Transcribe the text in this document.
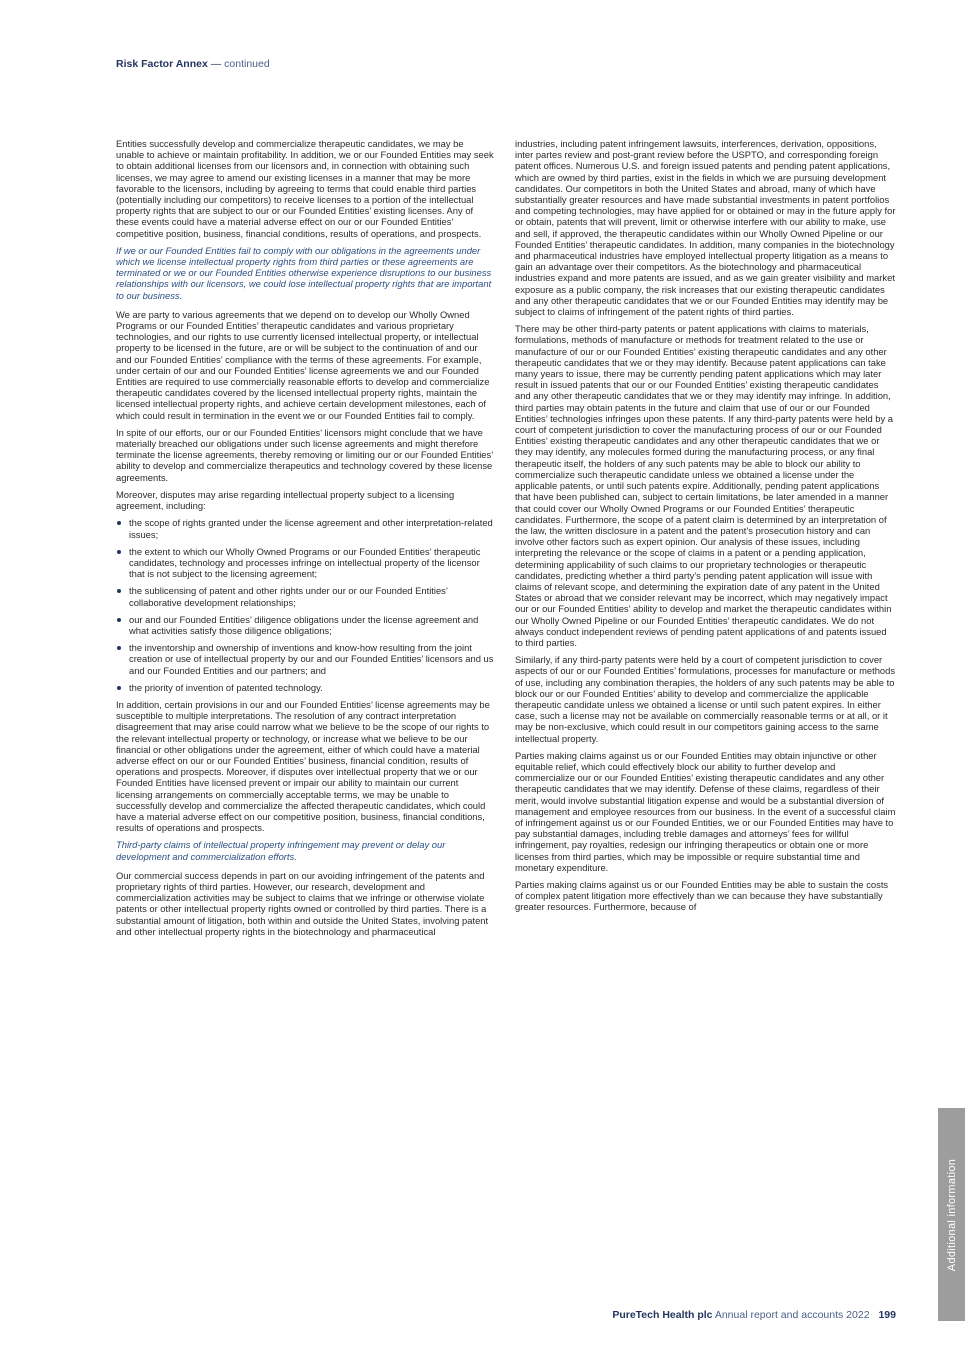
Risk Factor Annex — continued

Entities successfully develop and commercialize therapeutic candidates, we may be unable to achieve or maintain profitability. In addition, we or our Founded Entities may seek to obtain additional licenses from our licensors and, in connection with obtaining such licenses, we may agree to amend our existing licenses in a manner that may be more favorable to the licensors, including by agreeing to terms that could enable third parties (potentially including our competitors) to receive licenses to a portion of the intellectual property rights that are subject to our or our Founded Entities’ existing licenses. Any of these events could have a material adverse effect on our or our Founded Entities’ competitive position, business, financial conditions, results of operations, and prospects.

If we or our Founded Entities fail to comply with our obligations in the agreements under which we license intellectual property rights from third parties or these agreements are terminated or we or our Founded Entities otherwise experience disruptions to our business relationships with our licensors, we could lose intellectual property rights that are important to our business.

We are party to various agreements that we depend on to develop our Wholly Owned Programs or our Founded Entities’ therapeutic candidates and various proprietary technologies, and our rights to use currently licensed intellectual property, or intellectual property to be licensed in the future, are or will be subject to the continuation of and our and our Founded Entities’ compliance with the terms of these agreements. For example, under certain of our and our Founded Entities’ license agreements we and our Founded Entities are required to use commercially reasonable efforts to develop and commercialize therapeutic candidates covered by the licensed intellectual property rights, maintain the licensed intellectual property rights, and achieve certain development milestones, each of which could result in termination in the event we or our Founded Entities fail to comply.

In spite of our efforts, our or our Founded Entities’ licensors might conclude that we have materially breached our obligations under such license agreements and might therefore terminate the license agreements, thereby removing or limiting our or our Founded Entities’ ability to develop and commercialize therapeutics and technology covered by these license agreements.

Moreover, disputes may arise regarding intellectual property subject to a licensing agreement, including:

the scope of rights granted under the license agreement and other interpretation-related issues;
the extent to which our Wholly Owned Programs or our Founded Entities’ therapeutic candidates, technology and processes infringe on intellectual property of the licensor that is not subject to the licensing agreement;
the sublicensing of patent and other rights under our or our Founded Entities’ collaborative development relationships;
our and our Founded Entities’ diligence obligations under the license agreement and what activities satisfy those diligence obligations;
the inventorship and ownership of inventions and know-how resulting from the joint creation or use of intellectual property by our and our Founded Entities’ licensors and us and our Founded Entities and our partners; and
the priority of invention of patented technology.

In addition, certain provisions in our and our Founded Entities’ license agreements may be susceptible to multiple interpretations. The resolution of any contract interpretation disagreement that may arise could narrow what we believe to be the scope of our rights to the relevant intellectual property or technology, or increase what we believe to be our financial or other obligations under the agreement, either of which could have a material adverse effect on our or our Founded Entities’ business, financial condition, results of operations and prospects. Moreover, if disputes over intellectual property that we or our Founded Entities have licensed prevent or impair our ability to maintain our current licensing arrangements on commercially acceptable terms, we may be unable to successfully develop and commercialize the affected therapeutic candidates, which could have a material adverse effect on our competitive position, business, financial conditions, results of operations and prospects.

Third-party claims of intellectual property infringement may prevent or delay our development and commercialization efforts.

Our commercial success depends in part on our avoiding infringement of the patents and proprietary rights of third parties. However, our research, development and commercialization activities may be subject to claims that we infringe or otherwise violate patents or other intellectual property rights owned or controlled by third parties. There is a substantial amount of litigation, both within and outside the United States, involving patent and other intellectual property rights in the biotechnology and pharmaceutical

industries, including patent infringement lawsuits, interferences, derivation, oppositions, inter partes review and post-grant review before the USPTO, and corresponding foreign patent offices. Numerous U.S. and foreign issued patents and pending patent applications, which are owned by third parties, exist in the fields in which we are pursuing development candidates. Our competitors in both the United States and abroad, many of which have substantially greater resources and have made substantial investments in patent portfolios and competing technologies, may have applied for or obtained or may in the future apply for or obtain, patents that will prevent, limit or otherwise interfere with our ability to make, use and sell, if approved, the therapeutic candidates within our Wholly Owned Pipeline or our Founded Entities’ therapeutic candidates. In addition, many companies in the biotechnology and pharmaceutical industries have employed intellectual property litigation as a means to gain an advantage over their competitors. As the biotechnology and pharmaceutical industries expand and more patents are issued, and as we gain greater visibility and market exposure as a public company, the risk increases that our existing therapeutic candidates and any other therapeutic candidates that we or our Founded Entities may identify may be subject to claims of infringement of the patent rights of third parties.

There may be other third-party patents or patent applications with claims to materials, formulations, methods of manufacture or methods for treatment related to the use or manufacture of our or our Founded Entities’ existing therapeutic candidates and any other therapeutic candidates that we or they may identify. Because patent applications can take many years to issue, there may be currently pending patent applications which may later result in issued patents that our or our Founded Entities’ existing therapeutic candidates and any other therapeutic candidates that we or they may identify may infringe. In addition, third parties may obtain patents in the future and claim that use of our or our Founded Entities’ technologies infringes upon these patents. If any third-party patents were held by a court of competent jurisdiction to cover the manufacturing process of our or our Founded Entities’ existing therapeutic candidates and any other therapeutic candidates that we or they may identify, any molecules formed during the manufacturing process, or any final therapeutic itself, the holders of any such patents may be able to block our ability to commercialize such therapeutic candidate unless we obtained a license under the applicable patents, or until such patents expire. Additionally, pending patent applications that have been published can, subject to certain limitations, be later amended in a manner that could cover our Wholly Owned Programs or our Founded Entities’ therapeutic candidates. Furthermore, the scope of a patent claim is determined by an interpretation of the law, the written disclosure in a patent and the patent’s prosecution history and can involve other factors such as expert opinion. Our analysis of these issues, including interpreting the relevance or the scope of claims in a patent or a pending application, determining applicability of such claims to our proprietary technologies or therapeutic candidates, predicting whether a third party’s pending patent application will issue with claims of relevant scope, and determining the expiration date of any patent in the United States or abroad that we consider relevant may be incorrect, which may negatively impact our or our Founded Entities’ ability to develop and market the therapeutic candidates within our Wholly Owned Pipeline or our Founded Entities’ therapeutic candidates. We do not always conduct independent reviews of pending patent applications of and patents issued to third parties.

Similarly, if any third-party patents were held by a court of competent jurisdiction to cover aspects of our or our Founded Entities’ formulations, processes for manufacture or methods of use, including any combination therapies, the holders of any such patents may be able to block our or our Founded Entities’ ability to develop and commercialize the applicable therapeutic candidate unless we obtained a license or until such patent expires. In either case, such a license may not be available on commercially reasonable terms or at all, or it may be non-exclusive, which could result in our competitors gaining access to the same intellectual property.

Parties making claims against us or our Founded Entities may obtain injunctive or other equitable relief, which could effectively block our ability to further develop and commercialize our or our Founded Entities’ existing therapeutic candidates and any other therapeutic candidates that we may identify. Defense of these claims, regardless of their merit, would involve substantial litigation expense and would be a substantial diversion of management and employee resources from our business. In the event of a successful claim of infringement against us or our Founded Entities, we or our Founded Entities may have to pay substantial damages, including treble damages and attorneys’ fees for willful infringement, pay royalties, redesign our infringing therapeutics or obtain one or more licenses from third parties, which may be impossible or require substantial time and monetary expenditure.

Parties making claims against us or our Founded Entities may be able to sustain the costs of complex patent litigation more effectively than we can because they have substantially greater resources. Furthermore, because of

PureTech Health plc Annual report and accounts 2022 199
Additional information
